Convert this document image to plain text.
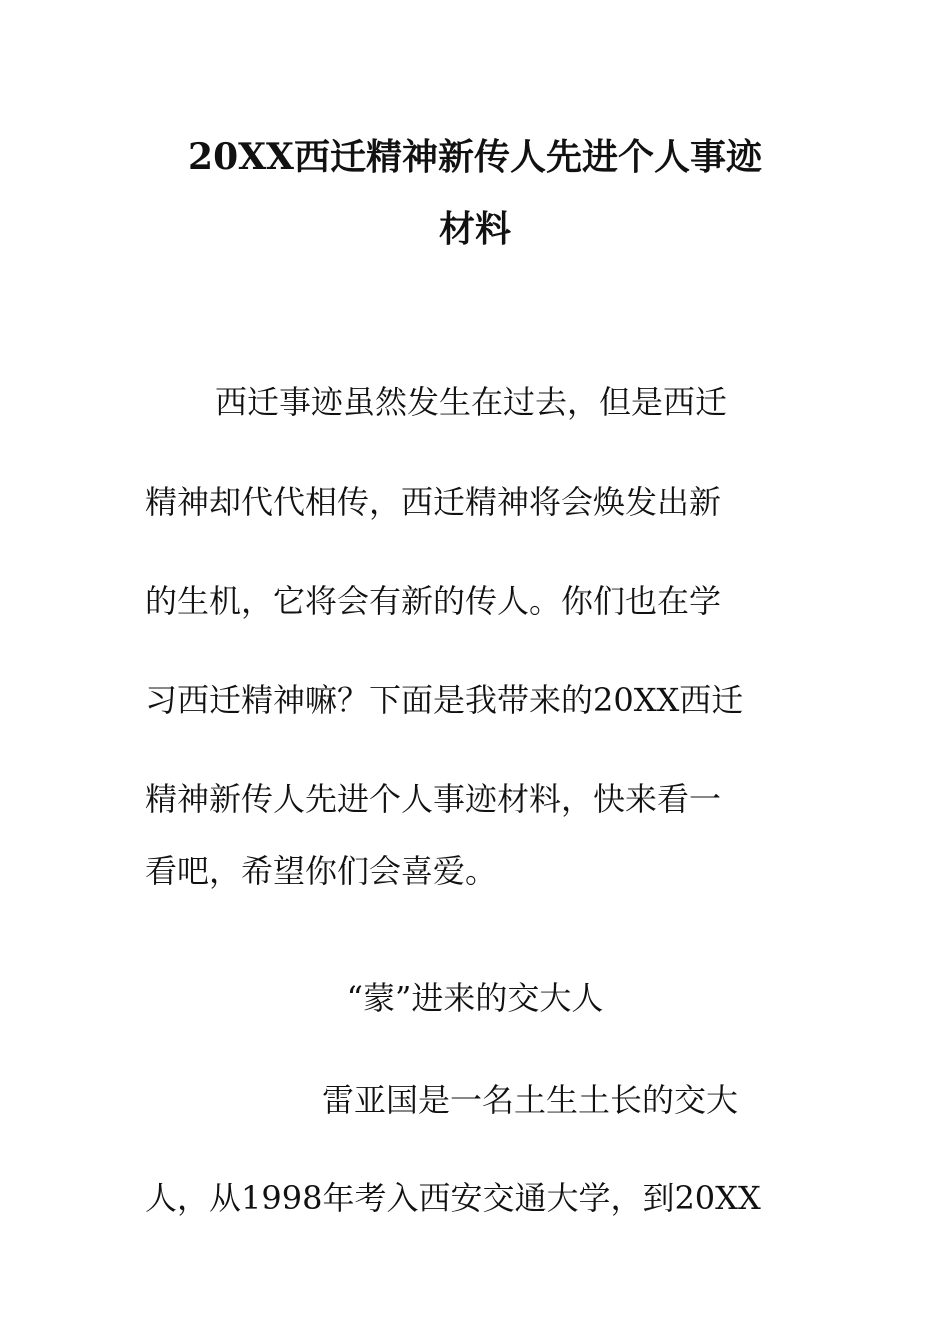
20XX西迁精神新传人先进个人事迹
材料
西迁事迹虽然发生在过去，但是西迁
精神却代代相传，西迁精神将会焕发出新
的生机，它将会有新的传人。你们也在学
习西迁精神嘛？下面是我带来的20XX西迁
精神新传人先进个人事迹材料，快来看一
看吧，希望你们会喜爱。
“蒙”进来的交大人
雷亚国是一名土生土长的交大
人，从1998年考入西安交通大学，到20XX
